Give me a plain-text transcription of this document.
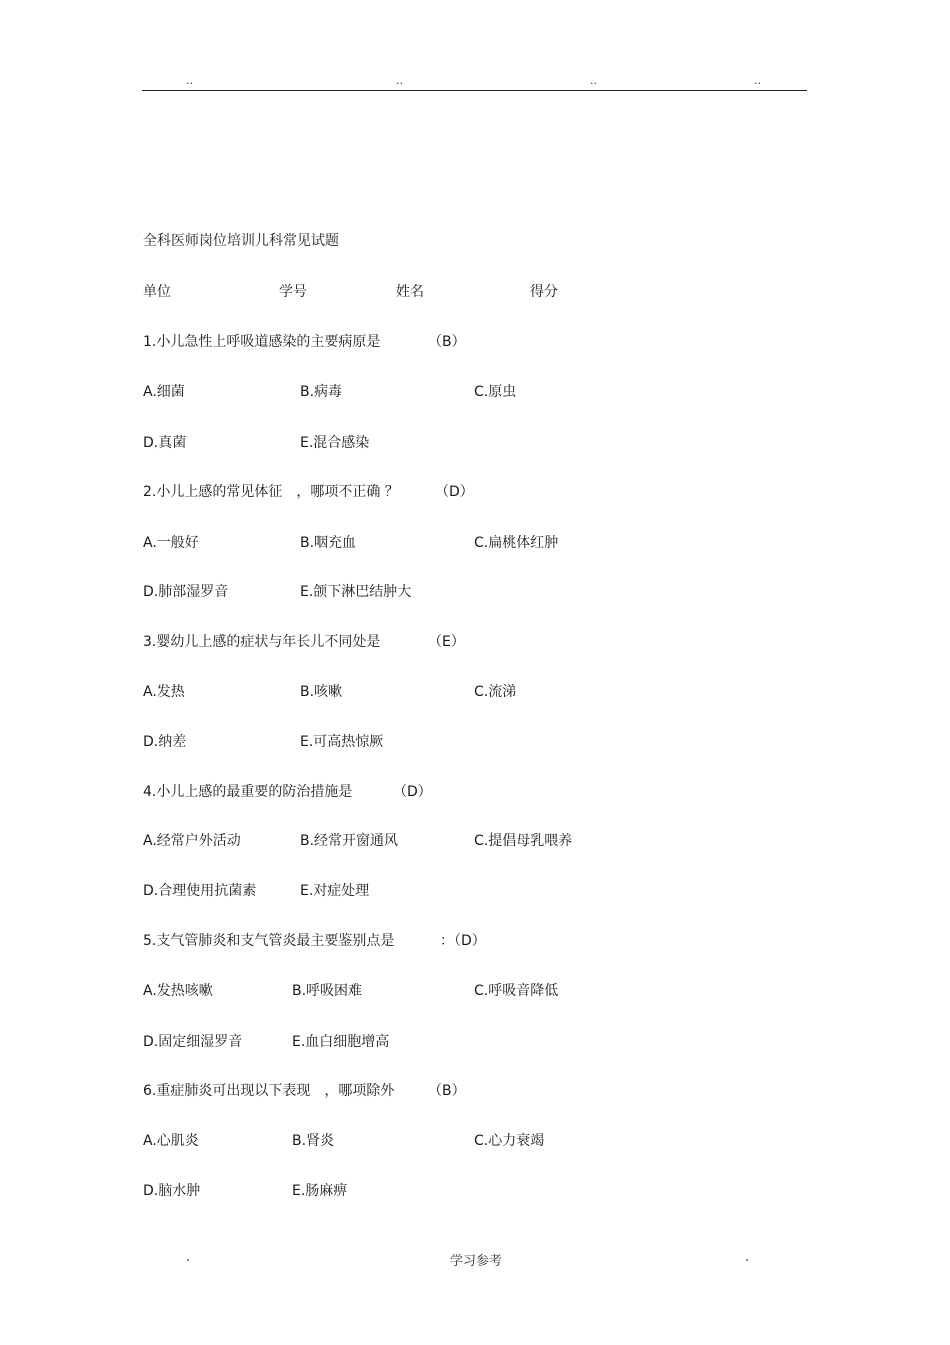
..	..	..	..
全科医师岗位培训儿科常见试题
单位	学号	姓名	得分
1.小儿急性上呼吸道感染的主要病原是	（B）
A.细菌	B.病毒	C.原虫
D.真菌	E.混合感染
2.小儿上感的常见体征　，哪项不正确 ？	（D）
A.一般好	B.咽充血	C.扁桃体红肿
D.肺部湿罗音	E.颌下淋巴结肿大
3.婴幼儿上感的症状与年长儿不同处是	（E）
A.发热	B.咳嗽	C.流涕
D.纳差	E.可高热惊厥
4.小儿上感的最重要的防治措施是	（D）
A.经常户外活动	B.经常开窗通风	C.提倡母乳喂养
D.合理使用抗菌素	E.对症处理
5.支气管肺炎和支气管炎最主要鉴别点是	：（D）
A.发热咳嗽	B.呼吸困难	C.呼吸音降低
D.固定细湿罗音	E.血白细胞增高
6.重症肺炎可出现以下表现　，哪项除外 （B）
A.心肌炎	B.肾炎	C.心力衰竭
D.脑水肿	E.肠麻痹
.	学习参考	.
